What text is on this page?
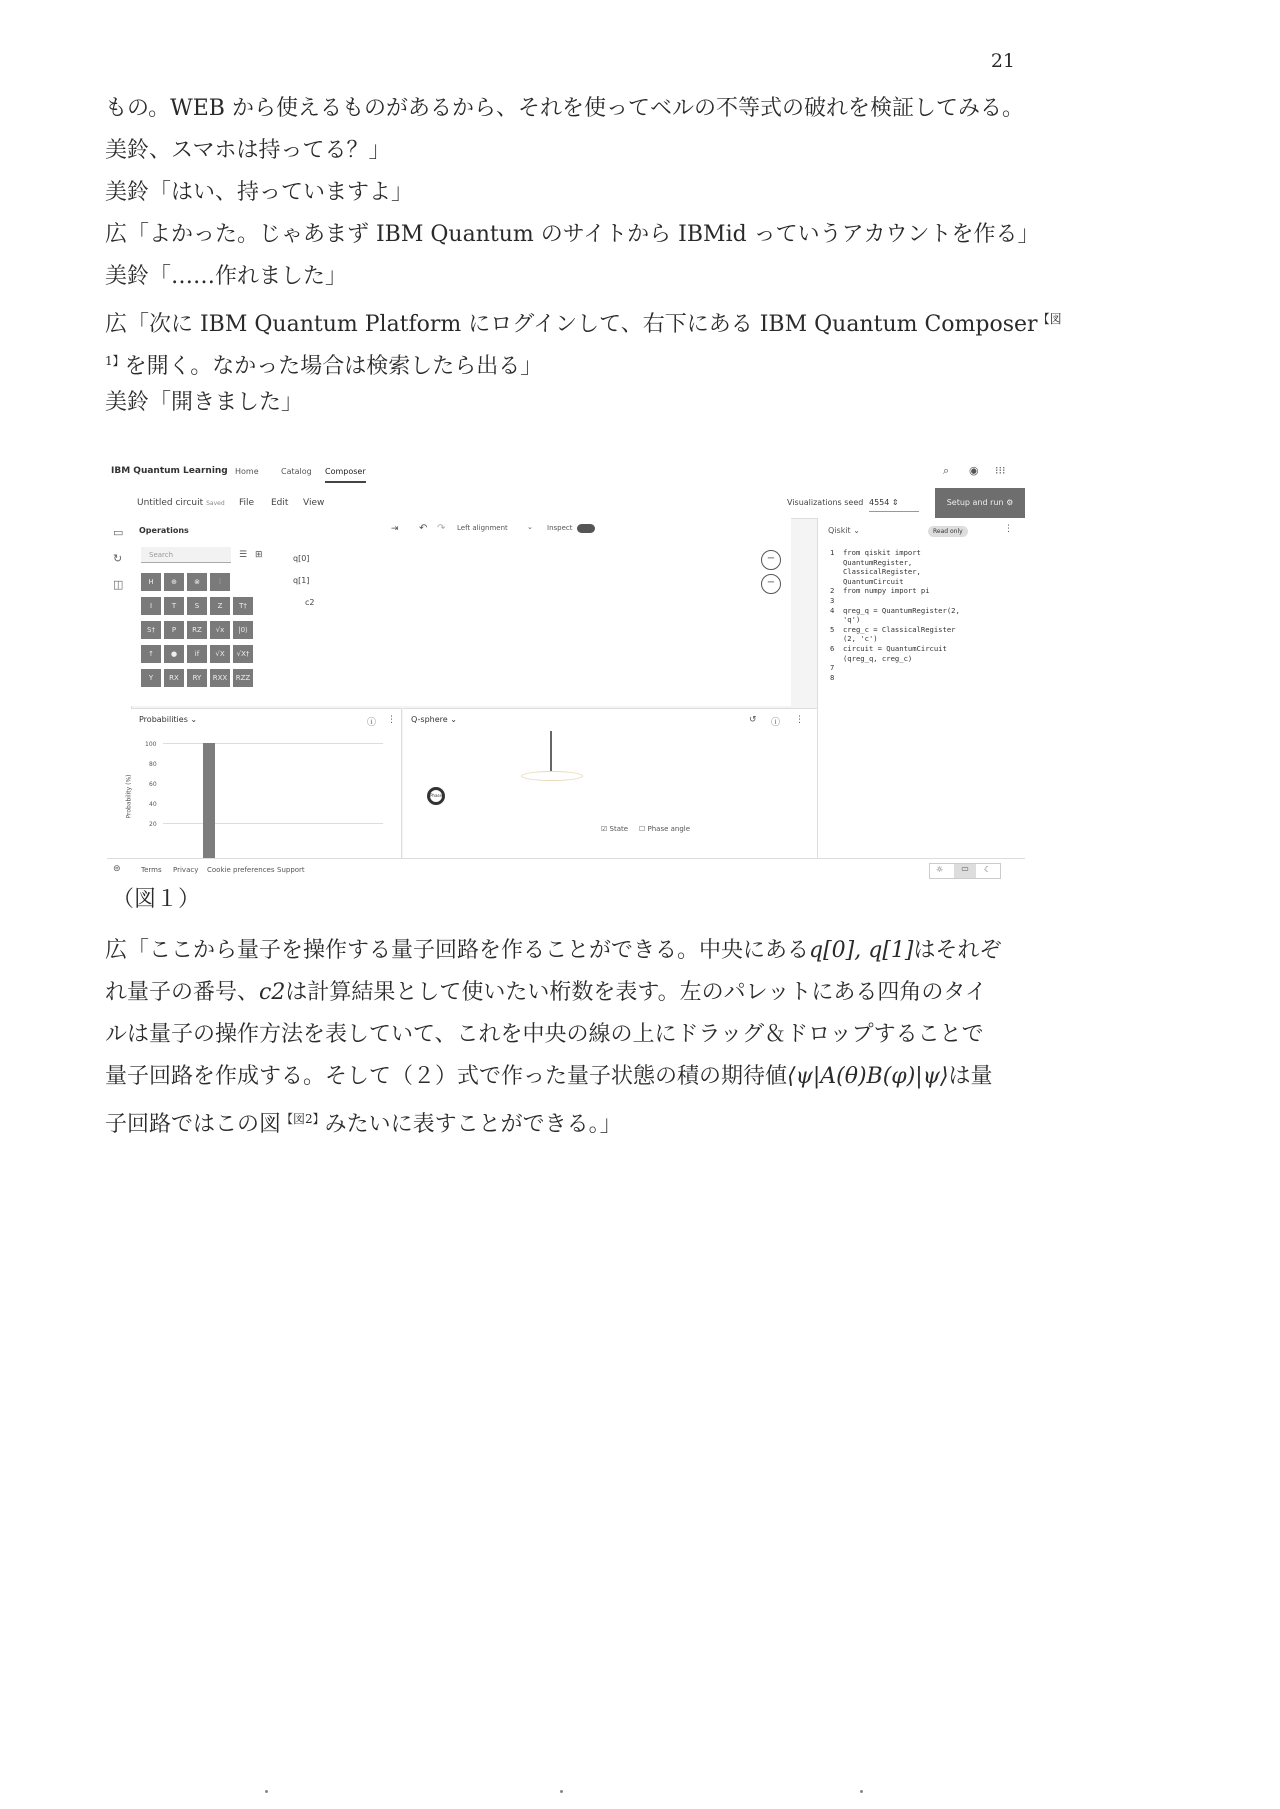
21
もの。WEB から使えるものがあるから、それを使ってベルの不等式の破れを検証してみる。
美鈴、スマホは持ってる？」
美鈴「はい、持っていますよ」
広「よかった。じゃあまず IBM Quantum のサイトから IBMid っていうアカウントを作る」
美鈴「……作れました」
広「次に IBM Quantum Platform にログインして、右下にある IBM Quantum Composer$^{【図}$
$^{1】}$を開く。なかった場合は検索したら出る」
美鈴「開きました」
IBM Quantum Learning Home	Catalog Composer	⌕ ◉ ⁝⁝⁝
Untitled circuit Saved File Edit View	Visualizations seed 4554 ⇕	Setup and run ⚙
▭
↻
◫
Operations
Search	☰ ⊞
H ⊕ ⊗	⫶
I	T	S	Z T†
S† P RZ √x |0⟩
↑ ●	if √X √X†
Y RX RY RXX RZZ
⇥ ↶ ↷ Left alignment	⌄ Inspect
q[0]
q[1]
c2
−
−
Qiskit ⌄	Read only	⋮
1  from qiskit import
QuantumRegister,
ClassicalRegister,
QuantumCircuit
2  from numpy import pi
3
4  qreg_q = QuantumRegister(2,
'q')
5  creg_c = ClassicalRegister
(2, 'c')
6  circuit = QuantumCircuit
(qreg_q, creg_c)
7
8
Probabilities ⌄	ⓘ ⋮
Probability (%)
100
80
60
40
20
Q-sphere ⌄	↺ ⓘ ⋮
Phase
☑ State ☐ Phase angle
⊜	Terms Privacy Cookie preferences Support	☼	▭	☾
（図１）
広「ここから量子を操作する量子回路を作ることができる。中央にあるq[0], q[1]はそれぞ
れ量子の番号、c2は計算結果として使いたい桁数を表す。左のパレットにある四角のタイ
ルは量子の操作方法を表していて、これを中央の線の上にドラッグ＆ドロップすることで
量子回路を作成する。そして（２）式で作った量子状態の積の期待値⟨ψ|A(θ)B(φ)|ψ⟩は量
子回路ではこの図$^{【図2】}$みたいに表すことができる。」
